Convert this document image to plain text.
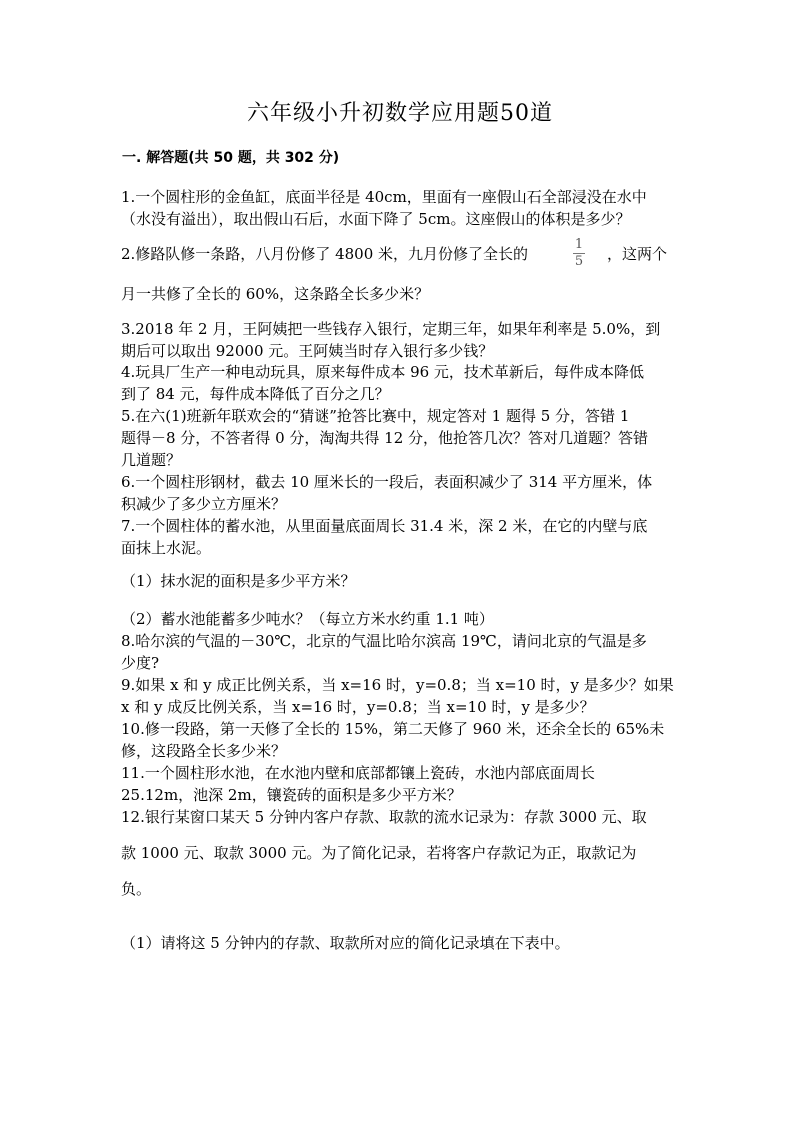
六年级小升初数学应用题50道
一. 解答题(共 50 题，共 302 分)
1.一个圆柱形的金鱼缸，底面半径是 40cm，里面有一座假山石全部浸没在水中
（水没有溢出），取出假山石后，水面下降了 5cm。这座假山的体积是多少？
2.修路队修一条路，八月份修了 4800 米，九月份修了全长的
1
5 ，这两个
月一共修了全长的 60%，这条路全长多少米？
3.2018 年 2 月，王阿姨把一些钱存入银行，定期三年，如果年利率是 5.0%，到
期后可以取出 92000 元。王阿姨当时存入银行多少钱？
4.玩具厂生产一种电动玩具，原来每件成本 96 元，技术革新后，每件成本降低
到了 84 元，每件成本降低了百分之几？
5.在六(1)班新年联欢会的“猜谜”抢答比赛中，规定答对 1 题得 5 分，答错 1
题得－8 分，不答者得 0 分，淘淘共得 12 分，他抢答几次？答对几道题？答错
几道题？
6.一个圆柱形钢材，截去 10 厘米长的一段后，表面积减少了 314 平方厘米，体
积减少了多少立方厘米？
7.一个圆柱体的蓄水池，从里面量底面周长 31.4 米，深 2 米，在它的内壁与底
面抹上水泥。
（1）抹水泥的面积是多少平方米？
（2）蓄水池能蓄多少吨水？（每立方米水约重 1.1 吨）
8.哈尔滨的气温的－30℃，北京的气温比哈尔滨高 19℃，请问北京的气温是多
少度?
9.如果 x 和 y 成正比例关系，当 x=16 时，y=0.8；当 x=10 时，y 是多少？如果
x 和 y 成反比例关系，当 x=16 时，y=0.8；当 x=10 时，y 是多少？
10.修一段路，第一天修了全长的 15%，第二天修了 960 米，还余全长的 65%未
修，这段路全长多少米？
11.一个圆柱形水池，在水池内壁和底部都镶上瓷砖，水池内部底面周长
25.12m，池深 2m，镶瓷砖的面积是多少平方米？
12.银行某窗口某天 5 分钟内客户存款、取款的流水记录为：存款 3000 元、取
款 1000 元、取款 3000 元。为了简化记录，若将客户存款记为正，取款记为
负。
（1）请将这 5 分钟内的存款、取款所对应的简化记录填在下表中。
